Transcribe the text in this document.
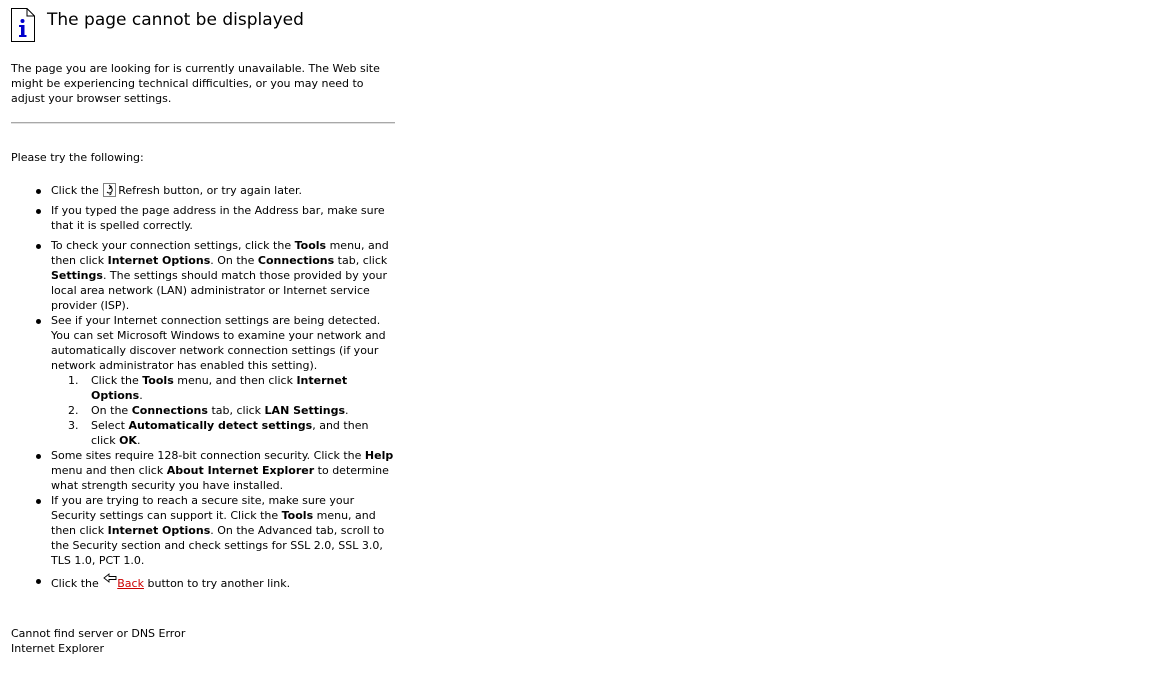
The page cannot be displayed

The page you are looking for is currently unavailable. The Web site might be experiencing technical difficulties, or you may need to adjust your browser settings.

Please try the following:

Click the Refresh button, or try again later.
If you typed the page address in the Address bar, make sure that it is spelled correctly.
To check your connection settings, click the Tools menu, and then click Internet Options. On the Connections tab, click Settings. The settings should match those provided by your local area network (LAN) administrator or Internet service provider (ISP).
See if your Internet connection settings are being detected. You can set Microsoft Windows to examine your network and automatically discover network connection settings (if your network administrator has enabled this setting).
1. Click the Tools menu, and then click Internet Options.
2. On the Connections tab, click LAN Settings.
3. Select Automatically detect settings, and then click OK.
Some sites require 128-bit connection security. Click the Help menu and then click About Internet Explorer to determine what strength security you have installed.
If you are trying to reach a secure site, make sure your Security settings can support it. Click the Tools menu, and then click Internet Options. On the Advanced tab, scroll to the Security section and check settings for SSL 2.0, SSL 3.0, TLS 1.0, PCT 1.0.
Click the Back button to try another link.

Cannot find server or DNS Error

Internet Explorer
